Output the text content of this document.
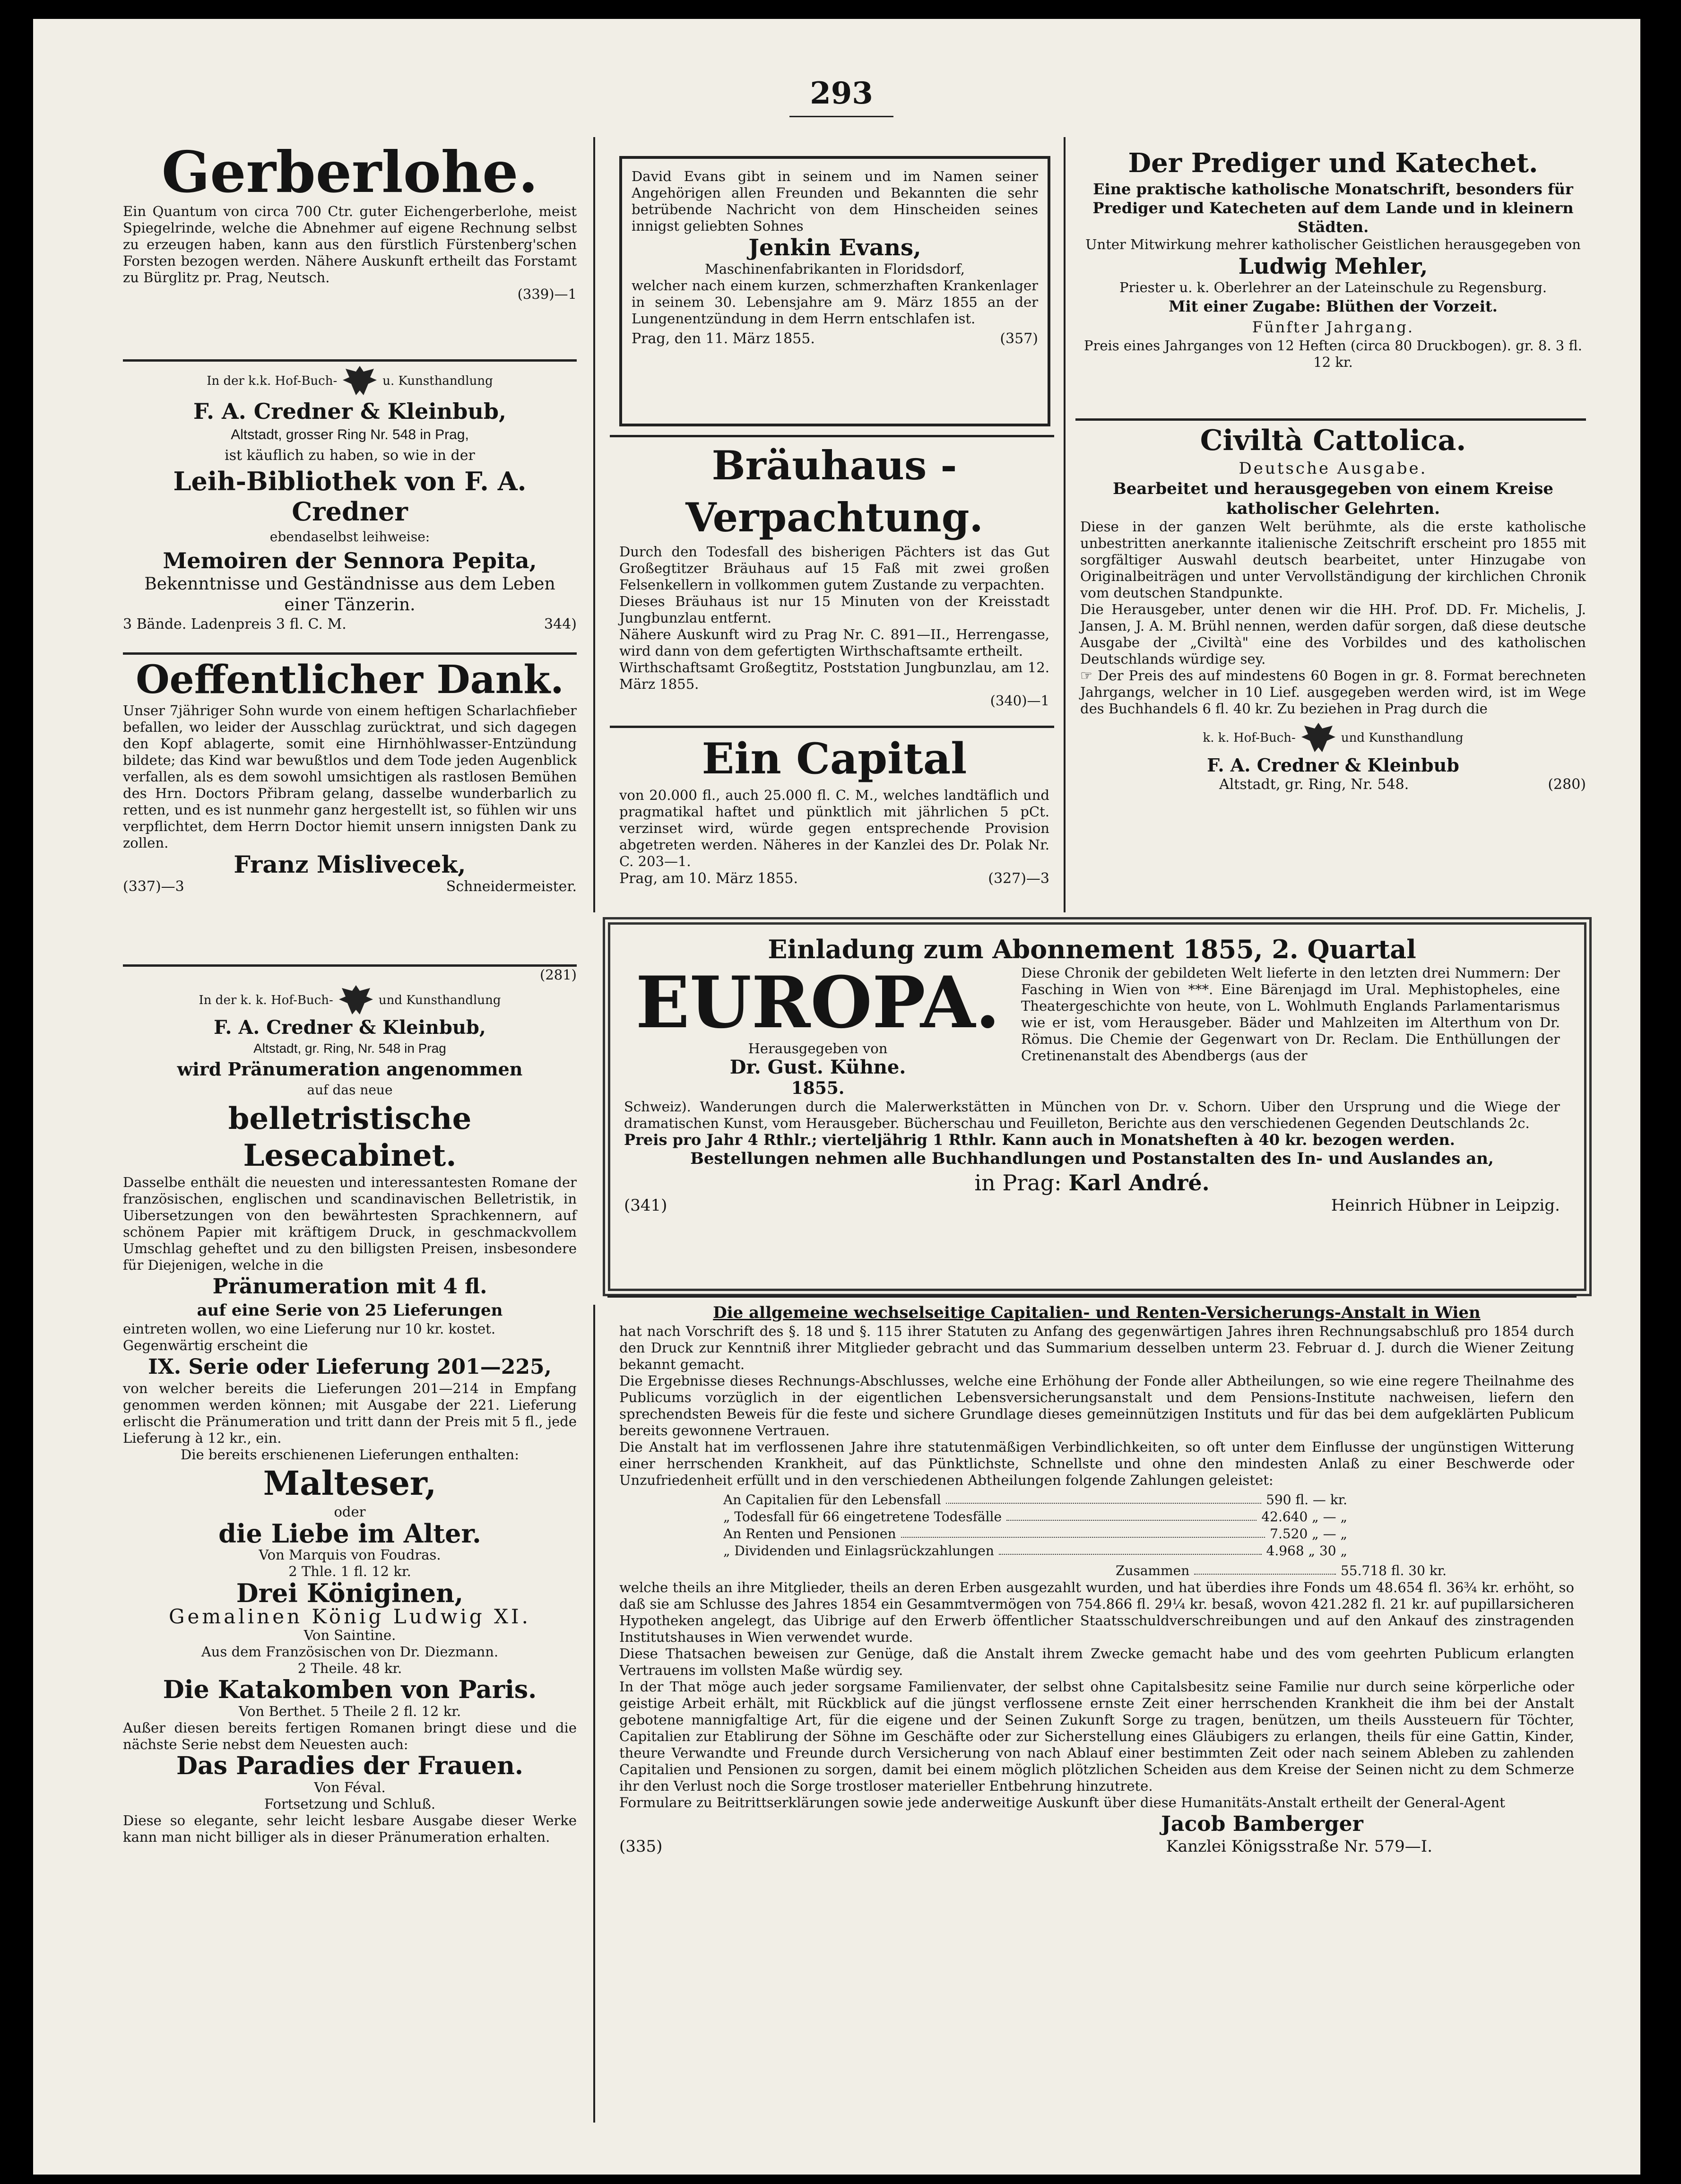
293

Gerberlohe.

Ein Quantum von circa 700 Ctr. guter Eichengerberlohe, meist Spiegelrinde, welche die Abnehmer auf eigene Rechnung selbst zu erzeugen haben, kann aus den fürstlich Fürstenberg'schen Forsten bezogen werden. Nähere Auskunft ertheilt das Forstamt zu Bürglitz pr. Prag, Neutsch.

(339)—1

In der k.k. Hof-Buch-	u. Kunsthandlung

F. A. Credner & Kleinbub,

Altstadt, grosser Ring Nr. 548 in Prag,

ist käuflich zu haben, so wie in der

Leih-Bibliothek von F. A. Credner

ebendaselbst leihweise:

Memoiren der Sennora Pepita,

Bekenntnisse und Geständnisse aus dem Leben einer Tänzerin.

3 Bände. Ladenpreis 3 fl. C. M.	344)

Oeffentlicher Dank.

Unser 7jähriger Sohn wurde von einem heftigen Scharlachfieber befallen, wo leider der Ausschlag zurücktrat, und sich dagegen den Kopf ablagerte, somit eine Hirnhöhlwasser-Entzündung bildete; das Kind war bewußtlos und dem Tode jeden Augenblick verfallen, als es dem sowohl umsichtigen als rastlosen Bemühen des Hrn. Doctors Přibram gelang, dasselbe wunderbarlich zu retten, und es ist nunmehr ganz hergestellt ist, so fühlen wir uns verpflichtet, dem Herrn Doctor hiemit unsern innigsten Dank zu zollen.

Franz Mislivecek,

(337)—3	Schneidermeister.

(281)

In der k. k. Hof-Buch-	und Kunsthandlung

F. A. Credner & Kleinbub,

Altstadt, gr. Ring, Nr. 548 in Prag

wird Pränumeration angenommen

auf das neue

belletristische Lesecabinet.

Dasselbe enthält die neuesten und interessantesten Romane der französischen, englischen und scandinavischen Belletristik, in Uibersetzungen von den bewährtesten Sprachkennern, auf schönem Papier mit kräftigem Druck, in geschmackvollem Umschlag geheftet und zu den billigsten Preisen, insbesondere für Diejenigen, welche in die

Pränumeration mit 4 fl.

auf eine Serie von 25 Lieferungen

eintreten wollen, wo eine Lieferung nur 10 kr. kostet. Gegenwärtig erscheint die

IX. Serie oder Lieferung 201—225,

von welcher bereits die Lieferungen 201—214 in Empfang genommen werden können; mit Ausgabe der 221. Lieferung erlischt die Pränumeration und tritt dann der Preis mit 5 fl., jede Lieferung à 12 kr., ein.

Die bereits erschienenen Lieferungen enthalten:

Malteser,

oder

die Liebe im Alter.

Von Marquis von Foudras.

2 Thle. 1 fl. 12 kr.

Drei Königinen,

Gemalinen König Ludwig XI.

Von Saintine.

Aus dem Französischen von Dr. Diezmann.

2 Theile. 48 kr.

Die Katakomben von Paris.

Von Berthet. 5 Theile 2 fl. 12 kr.

Außer diesen bereits fertigen Romanen bringt diese und die nächste Serie nebst dem Neuesten auch:

Das Paradies der Frauen.

Von Féval.

Fortsetzung und Schluß.

Diese so elegante, sehr leicht lesbare Ausgabe dieser Werke kann man nicht billiger als in dieser Pränumeration erhalten.

David Evans gibt in seinem und im Namen seiner Angehörigen allen Freunden und Bekannten die sehr betrübende Nachricht von dem Hinscheiden seines innigst geliebten Sohnes

Jenkin Evans,

Maschinenfabrikanten in Floridsdorf,

welcher nach einem kurzen, schmerzhaften Krankenlager in seinem 30. Lebensjahre am 9. März 1855 an der Lungenentzündung in dem Herrn entschlafen ist.

Prag, den 11. März 1855.	(357)

Bräuhaus - Verpachtung.

Durch den Todesfall des bisherigen Pächters ist das Gut Großegtitzer Bräuhaus auf 15 Faß mit zwei großen Felsenkellern in vollkommen gutem Zustande zu verpachten.

Dieses Bräuhaus ist nur 15 Minuten von der Kreisstadt Jungbunzlau entfernt.

Nähere Auskunft wird zu Prag Nr. C. 891—II., Herrengasse, wird dann von dem gefertigten Wirthschaftsamte ertheilt.

Wirthschaftsamt Großegtitz, Poststation Jungbunzlau, am 12. März 1855.

(340)—1

Ein Capital

von 20.000 fl., auch 25.000 fl. C. M., welches landtäflich und pragmatikal haftet und pünktlich mit jährlichen 5 pCt. verzinset wird, würde gegen entsprechende Provision abgetreten werden. Näheres in der Kanzlei des Dr. Polak Nr. C. 203—1.

Prag, am 10. März 1855.	(327)—3

Der Prediger und Katechet.

Eine praktische katholische Monatschrift, besonders für Prediger und Katecheten auf dem Lande und in kleinern Städten.

Unter Mitwirkung mehrer katholischer Geistlichen herausgegeben von

Ludwig Mehler,

Priester u. k. Oberlehrer an der Lateinschule zu Regensburg.

Mit einer Zugabe: Blüthen der Vorzeit.

Fünfter Jahrgang.

Preis eines Jahrganges von 12 Heften (circa 80 Druckbogen). gr. 8. 3 fl. 12 kr.

Civiltà Cattolica.

Deutsche Ausgabe.

Bearbeitet und herausgegeben von einem Kreise katholischer Gelehrten.

Diese in der ganzen Welt berühmte, als die erste katholische unbestritten anerkannte italienische Zeitschrift erscheint pro 1855 mit sorgfältiger Auswahl deutsch bearbeitet, unter Hinzugabe von Originalbeiträgen und unter Vervollständigung der kirchlichen Chronik vom deutschen Standpunkte.

Die Herausgeber, unter denen wir die HH. Prof. DD. Fr. Michelis, J. Jansen, J. A. M. Brühl nennen, werden dafür sorgen, daß diese deutsche Ausgabe der „Civiltà" eine des Vorbildes und des katholischen Deutschlands würdige sey.

☞ Der Preis des auf mindestens 60 Bogen in gr. 8. Format berechneten Jahrgangs, welcher in 10 Lief. ausgegeben werden wird, ist im Wege des Buchhandels 6 fl. 40 kr. Zu beziehen in Prag durch die

k. k. Hof-Buch-	und Kunsthandlung

F. A. Credner & Kleinbub

Altstadt, gr. Ring, Nr. 548.	(280)

Einladung zum Abonnement 1855, 2. Quartal

EUROPA.

Herausgegeben von

Dr. Gust. Kühne.

1855.

Diese Chronik der gebildeten Welt lieferte in den letzten drei Nummern: Der Fasching in Wien von ***. Eine Bärenjagd im Ural. Mephistopheles, eine Theatergeschichte von heute, von L. Wohlmuth Englands Parlamentarismus wie er ist, vom Herausgeber. Bäder und Mahlzeiten im Alterthum von Dr. Römus. Die Chemie der Gegenwart von Dr. Reclam. Die Enthüllungen der Cretinenanstalt des Abendbergs (aus der

Schweiz). Wanderungen durch die Malerwerkstätten in München von Dr. v. Schorn. Uiber den Ursprung und die Wiege der dramatischen Kunst, vom Herausgeber. Bücherschau und Feuilleton, Berichte aus den verschiedenen Gegenden Deutschlands 2c.

Preis pro Jahr 4 Rthlr.; vierteljährig 1 Rthlr. Kann auch in Monatsheften à 40 kr. bezogen werden.

Bestellungen nehmen alle Buchhandlungen und Postanstalten des In- und Auslandes an,

in Prag: Karl André.

(341)	Heinrich Hübner in Leipzig.

Die allgemeine wechselseitige Capitalien- und Renten-Versicherungs-Anstalt in Wien

hat nach Vorschrift des §. 18 und §. 115 ihrer Statuten zu Anfang des gegenwärtigen Jahres ihren Rechnungsabschluß pro 1854 durch den Druck zur Kenntniß ihrer Mitglieder gebracht und das Summarium desselben unterm 23. Februar d. J. durch die Wiener Zeitung bekannt gemacht.

Die Ergebnisse dieses Rechnungs-Abschlusses, welche eine Erhöhung der Fonde aller Abtheilungen, so wie eine regere Theilnahme des Publicums vorzüglich in der eigentlichen Lebensversicherungsanstalt und dem Pensions-Institute nachweisen, liefern den sprechendsten Beweis für die feste und sichere Grundlage dieses gemeinnützigen Instituts und für das bei dem aufgeklärten Publicum bereits gewonnene Vertrauen.

Die Anstalt hat im verflossenen Jahre ihre statutenmäßigen Verbindlichkeiten, so oft unter dem Einflusse der ungünstigen Witterung einer herrschenden Krankheit, auf das Pünktlichste, Schnellste und ohne den mindesten Anlaß zu einer Beschwerde oder Unzufriedenheit erfüllt und in den verschiedenen Abtheilungen folgende Zahlungen geleistet:

An Capitalien für den Lebensfall	590 fl. — kr.
„ Todesfall für 66 eingetretene Todesfälle	42.640 „ — „
An Renten und Pensionen	7.520 „ — „
„ Dividenden und Einlagsrückzahlungen	4.968 „ 30 „
Zusammen	55.718 fl. 30 kr.

welche theils an ihre Mitglieder, theils an deren Erben ausgezahlt wurden, und hat überdies ihre Fonds um 48.654 fl. 36¾ kr. erhöht, so daß sie am Schlusse des Jahres 1854 ein Gesammtvermögen von 754.866 fl. 29¼ kr. besaß, wovon 421.282 fl. 21 kr. auf pupillarsicheren Hypotheken angelegt, das Uibrige auf den Erwerb öffentlicher Staatsschuldverschreibungen und auf den Ankauf des zinstragenden Institutshauses in Wien verwendet wurde.

Diese Thatsachen beweisen zur Genüge, daß die Anstalt ihrem Zwecke gemacht habe und des vom geehrten Publicum erlangten Vertrauens im vollsten Maße würdig sey.

In der That möge auch jeder sorgsame Familienvater, der selbst ohne Capitalsbesitz seine Familie nur durch seine körperliche oder geistige Arbeit erhält, mit Rückblick auf die jüngst verflossene ernste Zeit einer herrschenden Krankheit die ihm bei der Anstalt gebotene mannigfaltige Art, für die eigene und der Seinen Zukunft Sorge zu tragen, benützen, um theils Aussteuern für Töchter, Capitalien zur Etablirung der Söhne im Geschäfte oder zur Sicherstellung eines Gläubigers zu erlangen, theils für eine Gattin, Kinder, theure Verwandte und Freunde durch Versicherung von nach Ablauf einer bestimmten Zeit oder nach seinem Ableben zu zahlenden Capitalien und Pensionen zu sorgen, damit bei einem möglich plötzlichen Scheiden aus dem Kreise der Seinen nicht zu dem Schmerze ihr den Verlust noch die Sorge trostloser materieller Entbehrung hinzutrete.

Formulare zu Beitrittserklärungen sowie jede anderweitige Auskunft über diese Humanitäts-Anstalt ertheilt der General-Agent

Jacob Bamberger

(335)	Kanzlei Königsstraße Nr. 579—I.
